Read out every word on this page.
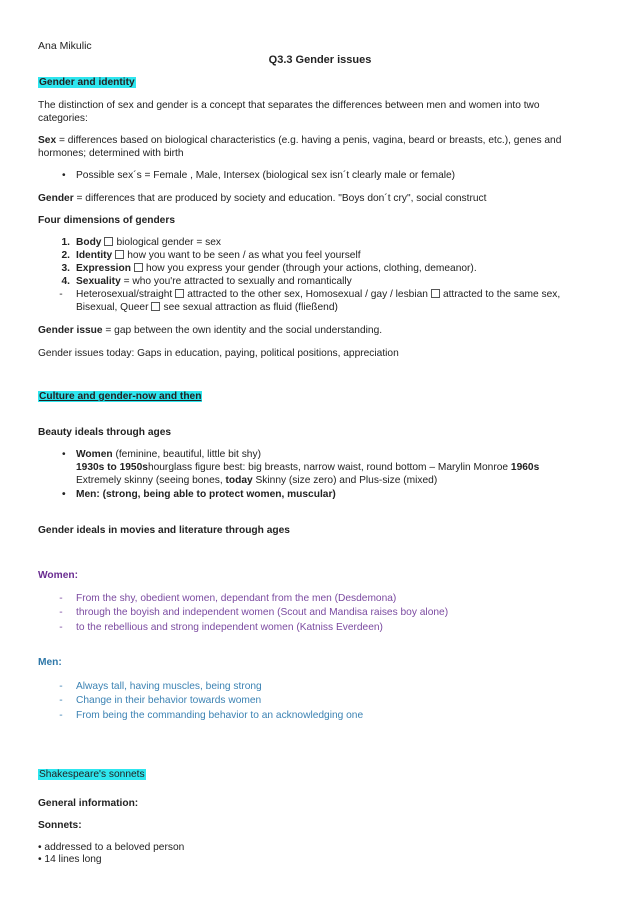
Ana Mikulic
Q3.3 Gender issues
Gender and identity
The distinction of sex and gender is a concept that separates the differences between men and women into two
categories:
Sex = differences based on biological characteristics (e.g. having a penis, vagina, beard or breasts, etc.), genes and
hormones; determined with birth
• Possible sex´s = Female , Male, Intersex (biological sex isn´t clearly male or female)
Gender = differences that are produced by society and education. "Boys don´t cry", social construct
Four dimensions of genders
1. Body biological gender = sex
2. Identity how you want to be seen / as what you feel yourself
3. Expression how you express your gender (through your actions, clothing, demeanor).
4. Sexuality = who you're attracted to sexually and romantically
- Heterosexual/straight attracted to the other sex, Homosexual / gay / lesbian attracted to the same sex,
Bisexual, Queer see sexual attraction as fluid (fließend)
Gender issue = gap between the own identity and the social understanding.
Gender issues today: Gaps in education, paying, political positions, appreciation
Culture and gender-now and then
Beauty ideals through ages
• Women (feminine, beautiful, little bit shy)
1930s to 1950shourglass figure best: big breasts, narrow waist, round bottom – Marylin Monroe 1960s
Extremely skinny (seeing bones, today Skinny (size zero) and Plus-size (mixed)
• Men: (strong, being able to protect women, muscular)
Gender ideals in movies and literature through ages
Women:
- From the shy, obedient women, dependant from the men (Desdemona)
- through the boyish and independent women (Scout and Mandisa raises boy alone)
- to the rebellious and strong independent women (Katniss Everdeen)
Men:
- Always tall, having muscles, being strong
- Change in their behavior towards women
- From being the commanding behavior to an acknowledging one
Shakespeare's sonnets
General information:
Sonnets:
• addressed to a beloved person
• 14 lines long
